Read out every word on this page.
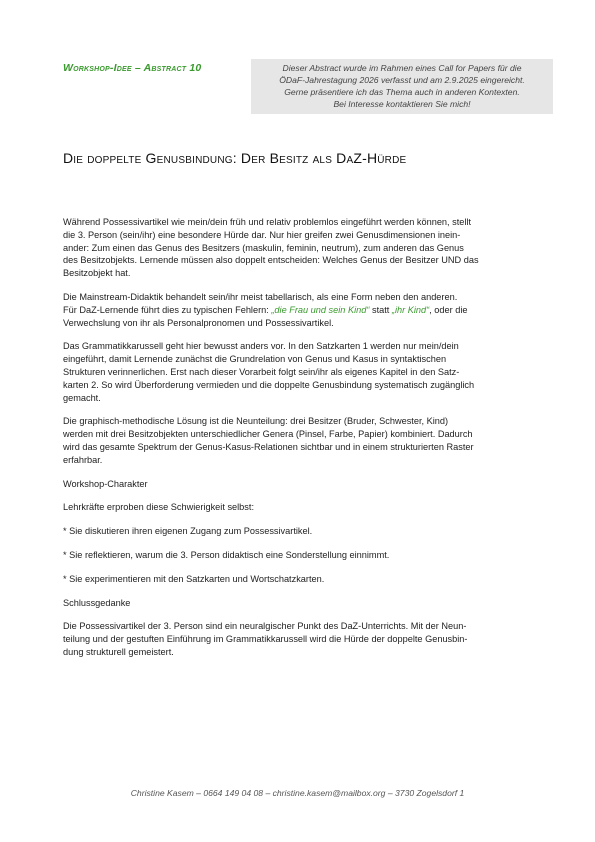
Workshop-Idee – Abstract 10	Dieser Abstract wurde im Rahmen eines Call for Papers für die
ÖDaF-Jahrestagung 2026 verfasst und am 2.9.2025 eingereicht.
Gerne präsentiere ich das Thema auch in anderen Kontexten.
Bei Interesse kontaktieren Sie mich!
Die doppelte Genusbindung: Der Besitz als DaZ-Hürde
Während Possessivartikel wie mein/dein früh und relativ problemlos eingeführt werden können, stellt
die 3. Person (sein/ihr) eine besondere Hürde dar. Nur hier greifen zwei Genusdimensionen inein-
ander: Zum einen das Genus des Besitzers (maskulin, feminin, neutrum), zum anderen das Genus
des Besitzobjekts. Lernende müssen also doppelt entscheiden: Welches Genus der Besitzer UND das
Besitzobjekt hat.
Die Mainstream-Didaktik behandelt sein/ihr meist tabellarisch, als eine Form neben den anderen.
Für DaZ-Lernende führt dies zu typischen Fehlern: „die Frau und sein Kind“ statt „ihr Kind“, oder die
Verwechslung von ihr als Personalpronomen und Possessivartikel.
Das Grammatikkarussell geht hier bewusst anders vor. In den Satzkarten 1 werden nur mein/dein
eingeführt, damit Lernende zunächst die Grundrelation von Genus und Kasus in syntaktischen
Strukturen verinnerlichen. Erst nach dieser Vorarbeit folgt sein/ihr als eigenes Kapitel in den Satz-
karten 2. So wird Überforderung vermieden und die doppelte Genusbindung systematisch zugänglich
gemacht.
Die graphisch-methodische Lösung ist die Neunteilung: drei Besitzer (Bruder, Schwester, Kind)
werden mit drei Besitzobjekten unterschiedlicher Genera (Pinsel, Farbe, Papier) kombiniert. Dadurch
wird das gesamte Spektrum der Genus-Kasus-Relationen sichtbar und in einem strukturierten Raster
erfahrbar.
Workshop-Charakter
Lehrkräfte erproben diese Schwierigkeit selbst:
* Sie diskutieren ihren eigenen Zugang zum Possessivartikel.
* Sie reflektieren, warum die 3. Person didaktisch eine Sonderstellung einnimmt.
* Sie experimentieren mit den Satzkarten und Wortschatzkarten.
Schlussgedanke
Die Possessivartikel der 3. Person sind ein neuralgischer Punkt des DaZ-Unterrichts. Mit der Neun-
teilung und der gestuften Einführung im Grammatikkarussell wird die Hürde der doppelte Genusbin-
dung strukturell gemeistert.
Christine Kasem – 0664 149 04 08 – christine.kasem@mailbox.org – 3730 Zogelsdorf 1
